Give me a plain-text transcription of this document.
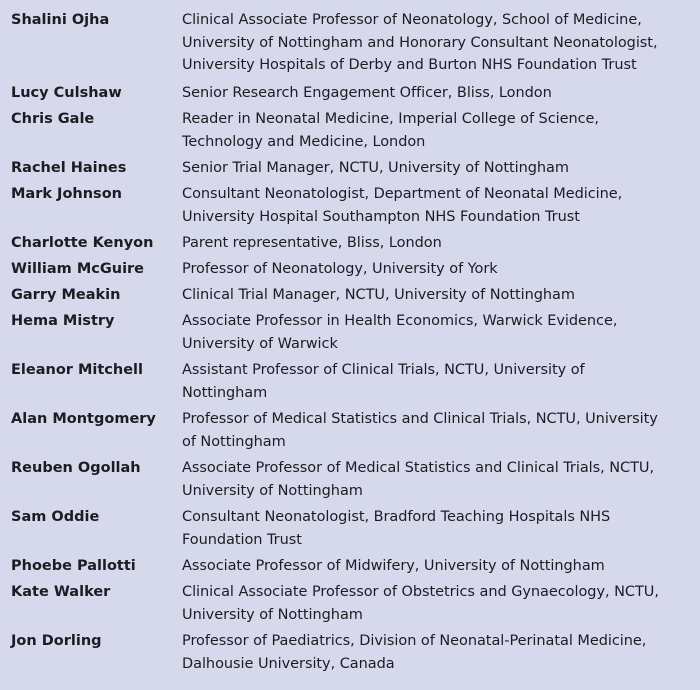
Shalini Ojha	Clinical Associate Professor of Neonatology, School of Medicine,
University of Nottingham and Honorary Consultant Neonatologist,
University Hospitals of Derby and Burton NHS Foundation Trust
Lucy Culshaw	Senior Research Engagement Officer, Bliss, London
Chris Gale	Reader in Neonatal Medicine, Imperial College of Science,
Technology and Medicine, London
Rachel Haines	Senior Trial Manager, NCTU, University of Nottingham
Mark Johnson	Consultant Neonatologist, Department of Neonatal Medicine,
University Hospital Southampton NHS Foundation Trust
Charlotte Kenyon	Parent representative, Bliss, London
William McGuire	Professor of Neonatology, University of York
Garry Meakin	Clinical Trial Manager, NCTU, University of Nottingham
Hema Mistry	Associate Professor in Health Economics, Warwick Evidence,
University of Warwick
Eleanor Mitchell	Assistant Professor of Clinical Trials, NCTU, University of
Nottingham
Alan Montgomery	Professor of Medical Statistics and Clinical Trials, NCTU, University
of Nottingham
Reuben Ogollah	Associate Professor of Medical Statistics and Clinical Trials, NCTU,
University of Nottingham
Sam Oddie	Consultant Neonatologist, Bradford Teaching Hospitals NHS
Foundation Trust
Phoebe Pallotti	Associate Professor of Midwifery, University of Nottingham
Kate Walker	Clinical Associate Professor of Obstetrics and Gynaecology, NCTU,
University of Nottingham
Jon Dorling	Professor of Paediatrics, Division of Neonatal-Perinatal Medicine,
Dalhousie University, Canada
